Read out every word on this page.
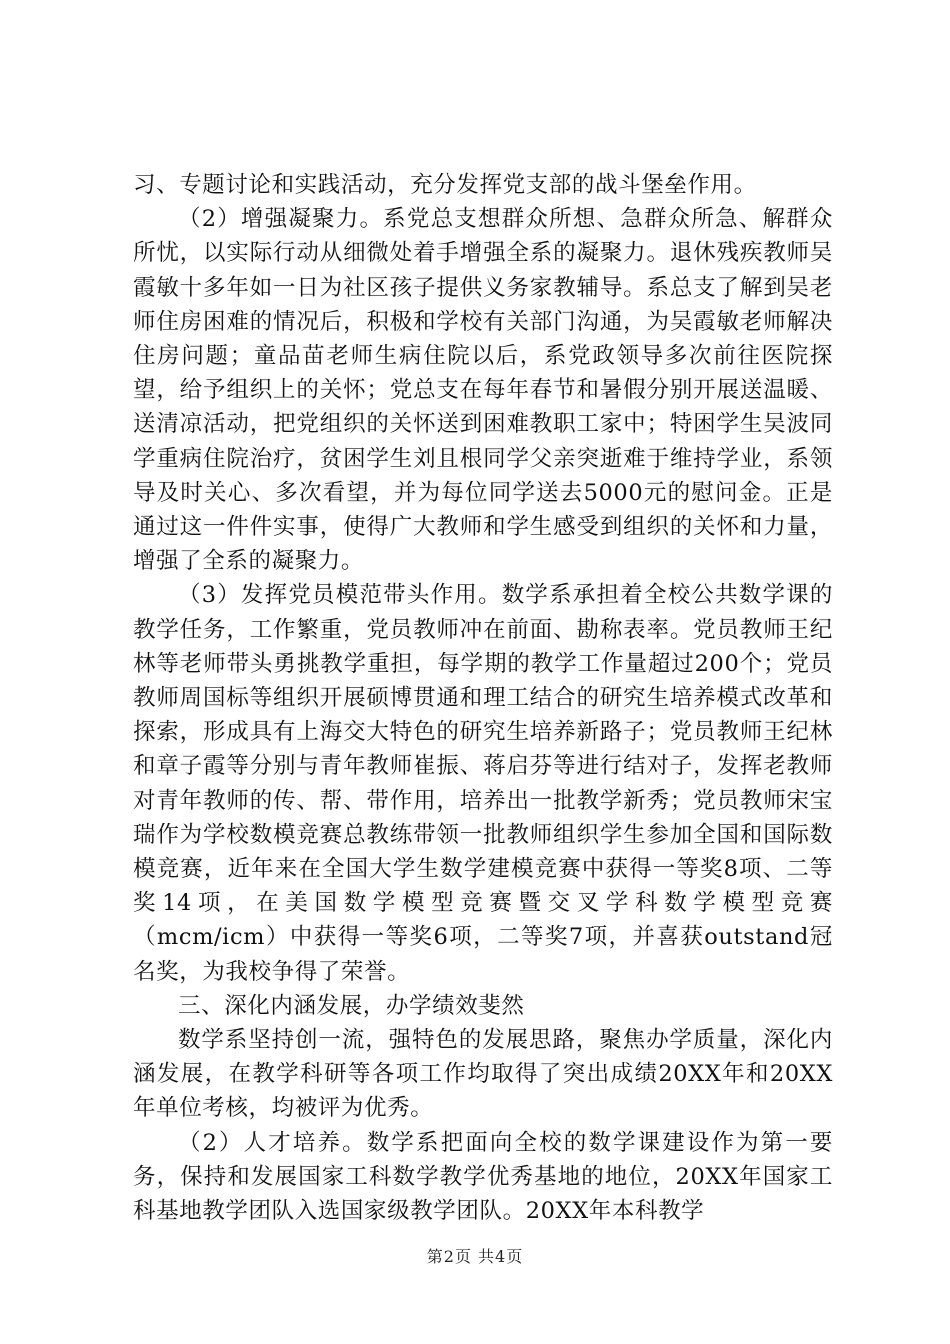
习、专题讨论和实践活动，充分发挥党支部的战斗堡垒作用。

（2）增强凝聚力。系党总支想群众所想、急群众所急、解群众所忧，以实际行动从细微处着手增强全系的凝聚力。退休残疾教师吴霞敏十多年如一日为社区孩子提供义务家教辅导。系总支了解到吴老师住房困难的情况后，积极和学校有关部门沟通，为吴霞敏老师解决住房问题；童品苗老师生病住院以后，系党政领导多次前往医院探望，给予组织上的关怀；党总支在每年春节和暑假分别开展送温暖、送清凉活动，把党组织的关怀送到困难教职工家中；特困学生吴波同学重病住院治疗，贫困学生刘且根同学父亲突逝难于维持学业，系领导及时关心、多次看望，并为每位同学送去5000元的慰问金。正是通过这一件件实事，使得广大教师和学生感受到组织的关怀和力量，增强了全系的凝聚力。

（3）发挥党员模范带头作用。数学系承担着全校公共数学课的教学任务，工作繁重，党员教师冲在前面、勘称表率。党员教师王纪林等老师带头勇挑教学重担，每学期的教学工作量超过200个；党员教师周国标等组织开展硕博贯通和理工结合的研究生培养模式改革和探索，形成具有上海交大特色的研究生培养新路子；党员教师王纪林和章子霞等分别与青年教师崔振、蒋启芬等进行结对子，发挥老教师对青年教师的传、帮、带作用，培养出一批教学新秀；党员教师宋宝瑞作为学校数模竞赛总教练带领一批教师组织学生参加全国和国际数模竞赛，近年来在全国大学生数学建模竞赛中获得一等奖8项、二等奖14项，在美国数学模型竞赛暨交叉学科数学模型竞赛（mcm/icm）中获得一等奖6项，二等奖7项，并喜获outstand冠名奖，为我校争得了荣誉。

三、深化内涵发展，办学绩效斐然

数学系坚持创一流，强特色的发展思路，聚焦办学质量，深化内涵发展，在教学科研等各项工作均取得了突出成绩20XX年和20XX年单位考核，均被评为优秀。

（2）人才培养。数学系把面向全校的数学课建设作为第一要务，保持和发展国家工科数学教学优秀基地的地位，20XX年国家工科基地教学团队入选国家级教学团队。20XX年本科教学

第2页 共4页
